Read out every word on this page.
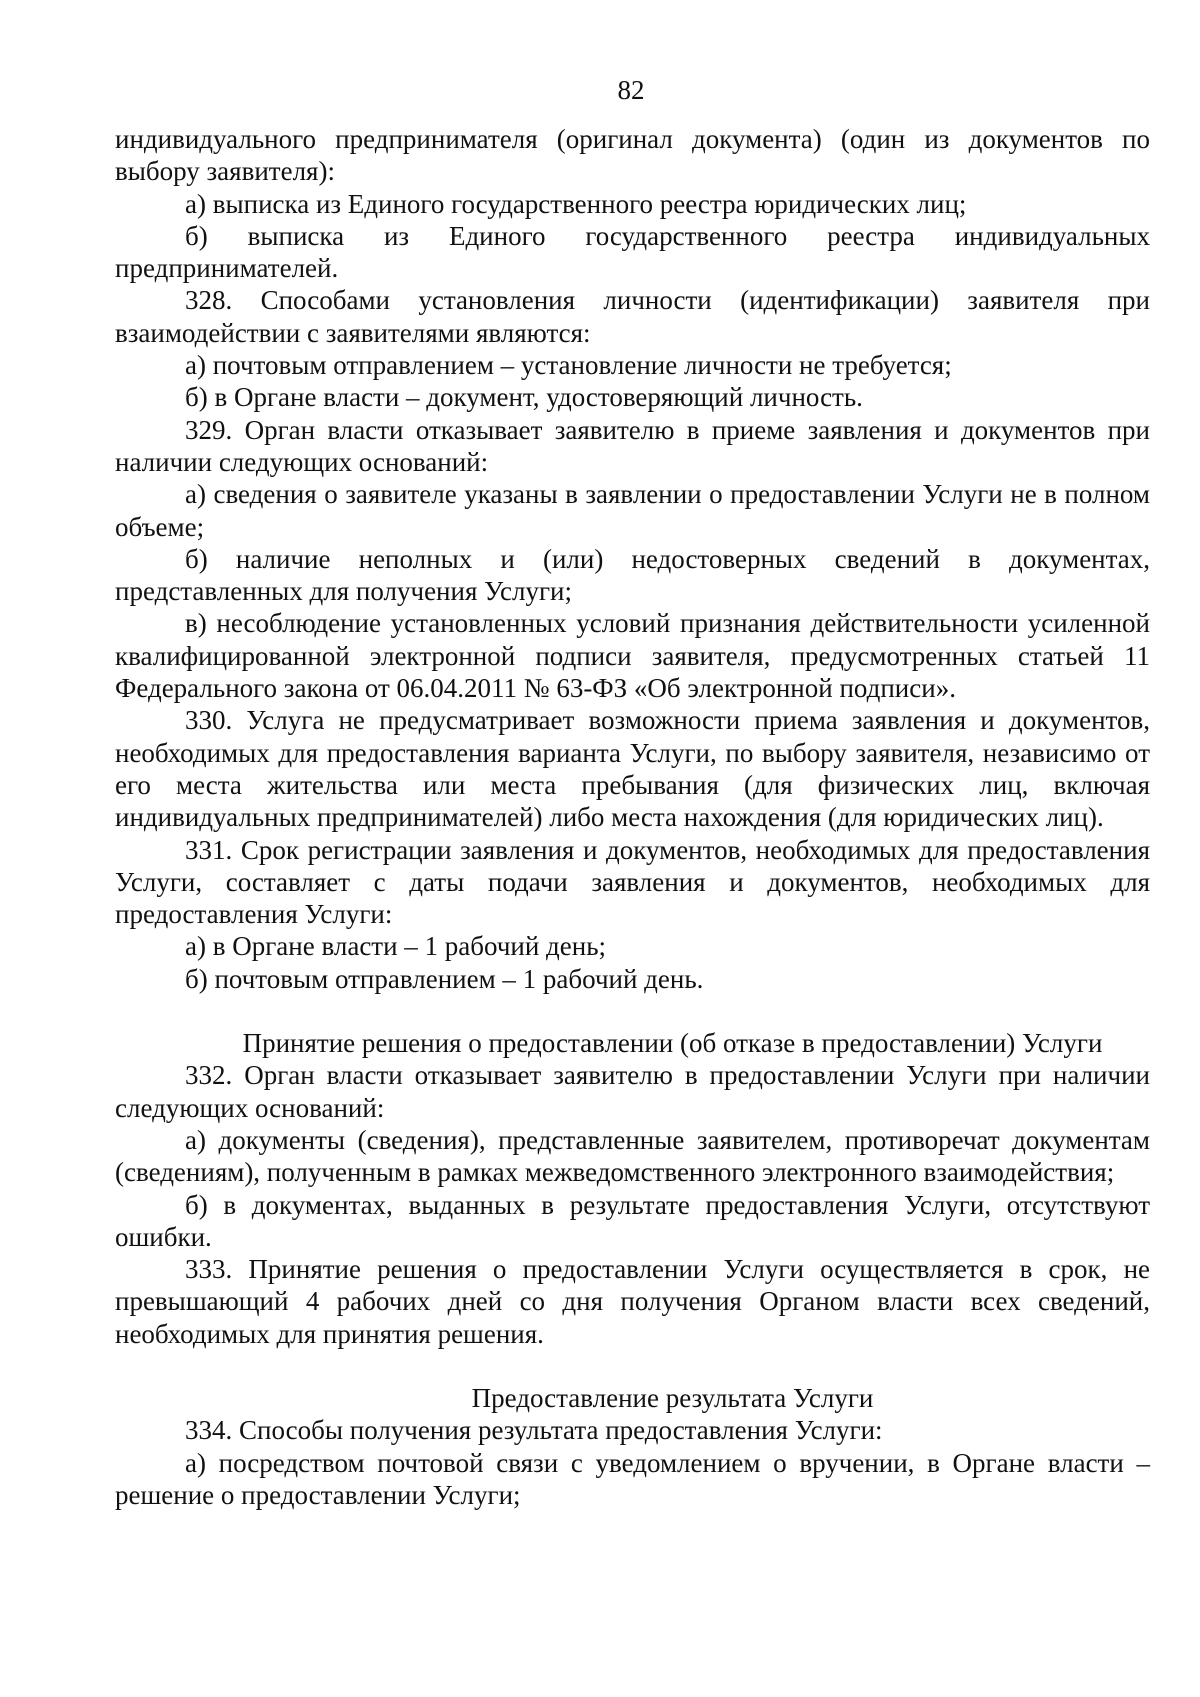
82

индивидуального предпринимателя (оригинал документа) (один из документов по выбору заявителя):

а) выписка из Единого государственного реестра юридических лиц;

б) выписка из Единого государственного реестра индивидуальных предпринимателей.

328. Способами установления личности (идентификации) заявителя при взаимодействии с заявителями являются:

а) почтовым отправлением – установление личности не требуется;

б) в Органе власти – документ, удостоверяющий личность.

329. Орган власти отказывает заявителю в приеме заявления и документов при наличии следующих оснований:

а) сведения о заявителе указаны в заявлении о предоставлении Услуги не в полном объеме;

б) наличие неполных и (или) недостоверных сведений в документах, представленных для получения Услуги;

в) несоблюдение установленных условий признания действительности усиленной квалифицированной электронной подписи заявителя, предусмотренных статьей 11 Федерального закона от 06.04.2011 № 63-ФЗ «Об электронной подписи».

330. Услуга не предусматривает возможности приема заявления и документов, необходимых для предоставления варианта Услуги, по выбору заявителя, независимо от его места жительства или места пребывания (для физических лиц, включая индивидуальных предпринимателей) либо места нахождения (для юридических лиц).

331. Срок регистрации заявления и документов, необходимых для предоставления Услуги, составляет с даты подачи заявления и документов, необходимых для предоставления Услуги:

а) в Органе власти – 1 рабочий день;

б) почтовым отправлением – 1 рабочий день.

Принятие решения о предоставлении (об отказе в предоставлении) Услуги

332. Орган власти отказывает заявителю в предоставлении Услуги при наличии следующих оснований:

а) документы (сведения), представленные заявителем, противоречат документам (сведениям), полученным в рамках межведомственного электронного взаимодействия;

б) в документах, выданных в результате предоставления Услуги, отсутствуют ошибки.

333. Принятие решения о предоставлении Услуги осуществляется в срок, не превышающий 4 рабочих дней со дня получения Органом власти всех сведений, необходимых для принятия решения.

Предоставление результата Услуги

334. Способы получения результата предоставления Услуги:

а) посредством почтовой связи с уведомлением о вручении, в Органе власти – решение о предоставлении Услуги;
